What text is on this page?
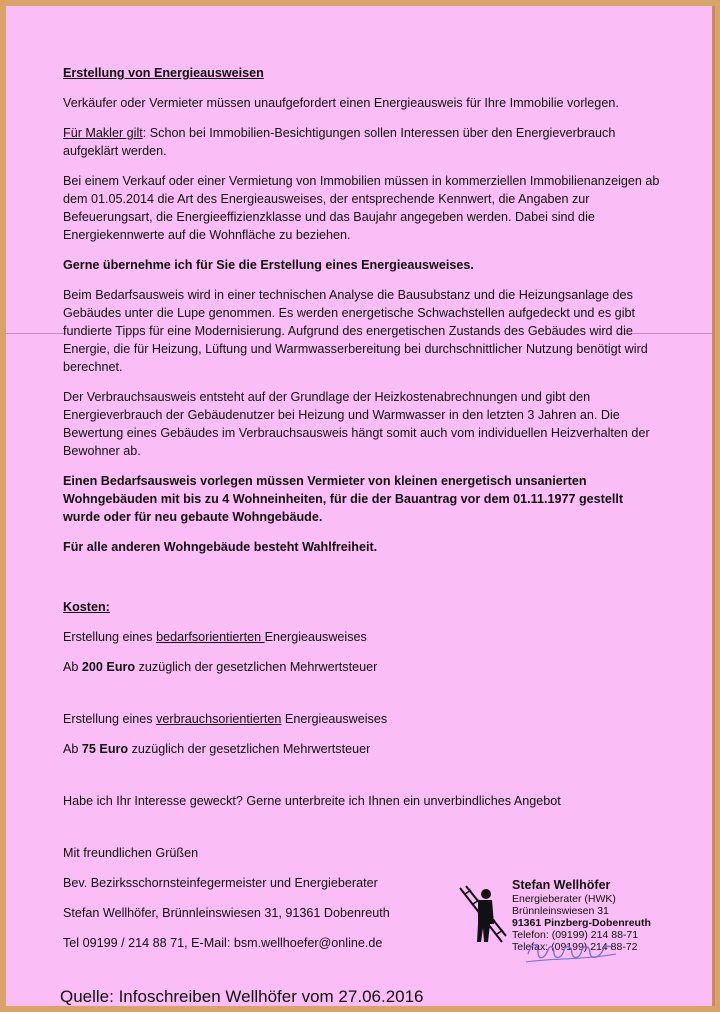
Erstellung von Energieausweisen

Verkäufer oder Vermieter müssen unaufgefordert einen Energieausweis für Ihre Immobilie vorlegen.

Für Makler gilt: Schon bei Immobilien-Besichtigungen sollen Interessen über den Energieverbrauch aufgeklärt werden.

Bei einem Verkauf oder einer Vermietung von Immobilien müssen in kommerziellen Immobilienanzeigen ab dem 01.05.2014 die Art des Energieausweises, der entsprechende Kennwert, die Angaben zur Befeuerungsart, die Energieeffizienzklasse und das Baujahr angegeben werden. Dabei sind die Energiekennwerte auf die Wohnfläche zu beziehen.

Gerne übernehme ich für Sie die Erstellung eines Energieausweises.

Beim Bedarfsausweis wird in einer technischen Analyse die Bausubstanz und die Heizungsanlage des Gebäudes unter die Lupe genommen. Es werden energetische Schwachstellen aufgedeckt und es gibt fundierte Tipps für eine Modernisierung. Aufgrund des energetischen Zustands des Gebäudes wird die Energie, die für Heizung, Lüftung und Warmwasserbereitung bei durchschnittlicher Nutzung benötigt wird berechnet.

Der Verbrauchsausweis entsteht auf der Grundlage der Heizkostenabrechnungen und gibt den Energieverbrauch der Gebäudenutzer bei Heizung und Warmwasser in den letzten 3 Jahren an. Die Bewertung eines Gebäudes im Verbrauchsausweis hängt somit auch vom individuellen Heizverhalten der Bewohner ab.

Einen Bedarfsausweis vorlegen müssen Vermieter von kleinen energetisch unsanierten Wohngebäuden mit bis zu 4 Wohneinheiten, für die der Bauantrag vor dem 01.11.1977 gestellt wurde oder für neu gebaute Wohngebäude.

Für alle anderen Wohngebäude besteht Wahlfreiheit.

Kosten:

Erstellung eines bedarfsorientierten Energieausweises

Ab 200 Euro zuzüglich der gesetzlichen Mehrwertsteuer

Erstellung eines verbrauchsorientierten Energieausweises

Ab 75 Euro zuzüglich der gesetzlichen Mehrwertsteuer

Habe ich Ihr Interesse geweckt? Gerne unterbreite ich Ihnen ein unverbindliches Angebot

Mit freundlichen Grüßen

Bev. Bezirksschornsteinfegermeister und Energieberater

Stefan Wellhöfer, Brünnleinswiesen 31, 91361 Dobenreuth

Tel 09199 / 214 88 71, E-Mail: bsm.wellhoefer@online.de

Stefan Wellhöfer
Energieberater (HWK)
Brünnleinswiesen 31
91361 Pinzberg-Dobenreuth
Telefon: (09199) 214 88-71
Telefax: (09199) 214 88-72
Quelle: Infoschreiben Wellhöfer vom 27.06.2016
